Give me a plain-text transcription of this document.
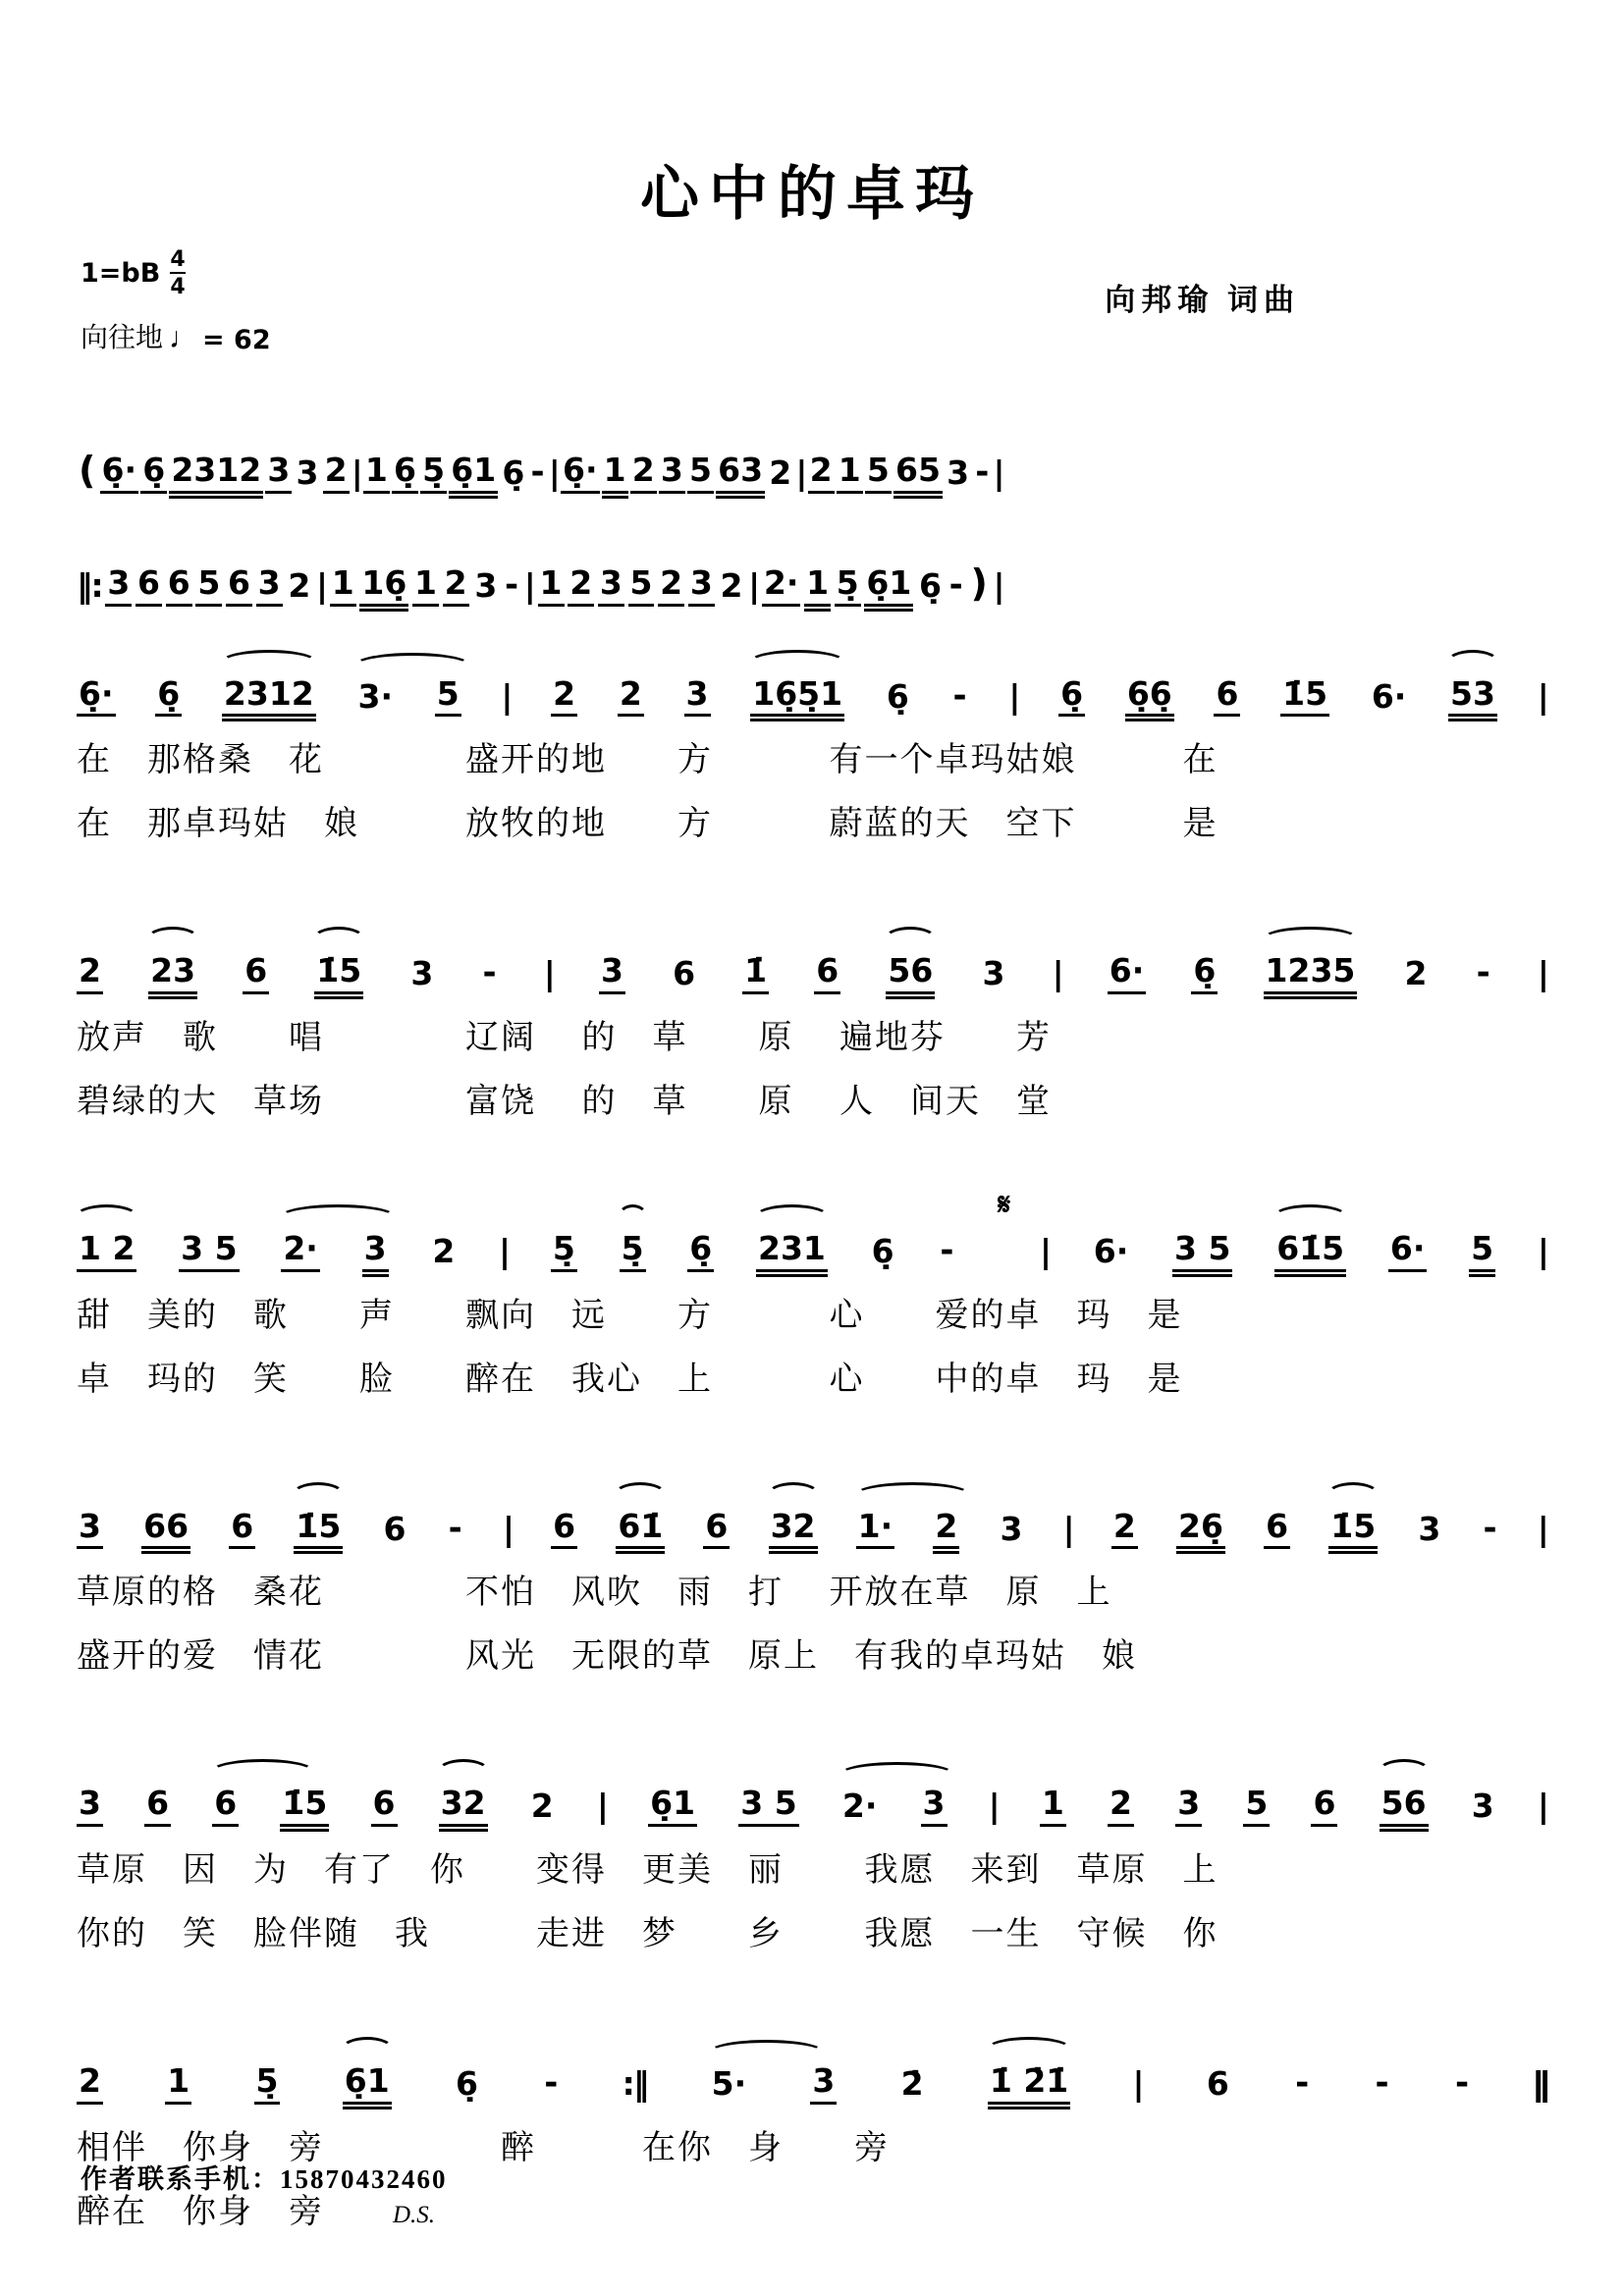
心中的卓玛
$1=bB \frac{4}{4}$	向邦瑜 词曲
向往地 ♩ = 62
( 6̣· 6̣ 2312 3 3 2 | 1 6̣ 5̣ 6̣1 6̣ - | 6̣· 1 2 3 5 63 2 | 2 1 5 65 3 - |
‖: 3 6 6 5 6 3 2 | 1 16̣ 1 2 3 - | 1 2 3 5 2 3 2 | 2· 1 5̣ 6̣1 6̣ - ) |
6̣· 6̣ 2312 3· 5 | 2 2 3 16̣5̣1 6̣ - | 6̣ 6̣6̣ 6 1̇5 6· 53 |
在　那格桑　花　　　　盛开的地　　方　　　 有一个卓玛姑娘　　　在
在　那卓玛姑　娘　　　放牧的地　　方　　　 蔚蓝的天　空下　　　是
2 23 6 1̇5 3 - | 3 6 1̇ 6 56 3 | 6· 6̣ 1235 2 - |
放声　歌　　唱　　　　辽阔　 的　草　　原　 遍地芬　　芳
碧绿的大　草场　　　　富饶　 的　草　　原　 人　间天　堂
1 2 3 5 2· 3 2 | 5̣ 5̣ 6̣ 231 6̣ -
𝄋
| 6· 3 5 61̇5 6· 5 |
甜　美的　歌　　声　　飘向　远　　方　　　 心　　爱的卓　玛　是
卓　玛的　笑　　脸　　醉在　我心　上　　　 心　　中的卓　玛　是
3 66 6 1̇5 6 - | 6 61̇ 6 32 1· 2 3 | 2 26̣ 6 1̇5 3 - |
草原的格　桑花　　　　不怕　风吹　雨　打　 开放在草　原　上
盛开的爱　情花　　　　风光　无限的草　原上　有我的卓玛姑　娘
3 6 6 1̇5 6 32 2 | 6̣1 3 5 2· 3 | 1 2 3 5 6 56 3 |
草原　因　为　有了　你　　变得　更美　丽　　 我愿　来到　草原　上
你的　笑　脸伴随　我　　　走进　梦　　乡　　 我愿　一生　守候　你
2 1 5̣ 6̣1 6̣ - :‖ 5· 3 2̇ 1̇ 2̇1̇ | 6 - - - ‖
相伴　你身　旁　　　　　醉　　　在你　身　　旁
醉在　你身　旁	D.S.
作者联系手机：15870432460
